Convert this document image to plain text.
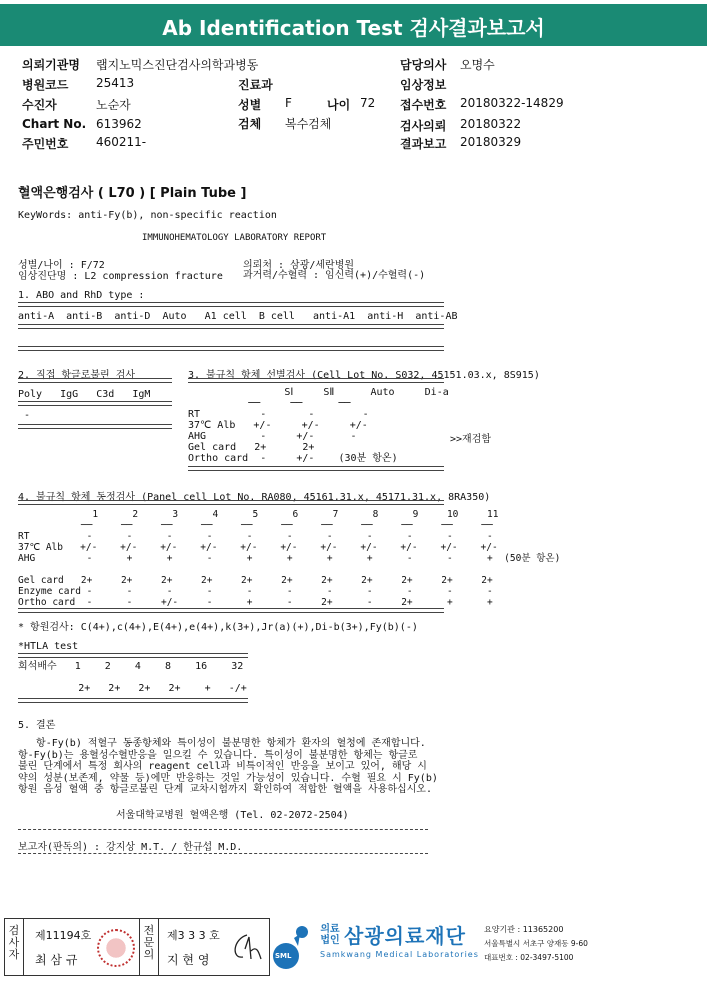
Ab Identification Test 검사결과보고서
의뢰기관명 랩지노믹스진단검사의학과병동	담당의사 오명수
병원코드 25413	진료과	임상정보
수진자	노순자	성별 F	나이 72 접수번호 20180322-14829
Chart No. 613962	검체 복수검체	검사의뢰 20180322
주민번호 460211-	결과보고 20180329
혈액은행검사 ( L70 ) [ Plain Tube ]
KeyWords: anti-Fy(b), non-specific reaction
IMMUNOHEMATOLOGY LABORATORY REPORT
성별/나이 : F/72
임상진단명 : L2 compression fracture
의뢰처 : 삼광/세란병원
과거력/수혈력 : 임신력(+)/수혈력(-)
1. ABO and RhD type :
anti-A  anti-B  anti-D  Auto   A1 cell  B cell   anti-A1  anti-H  anti-AB
2. 직접 항글로불린 검사
Poly   IgG   C3d   IgM
-
3. 불규칙 항체 선별검사 (Cell Lot No. S032, 45151.03.x, 8S915)
SⅠ     SⅡ      Auto     Di-a
──     ──      ──
RT          -       -        -
37℃ Alb   +/-     +/-     +/-
AHG         -     +/-      -
Gel card   2+      2+
Ortho card  -     +/-    (30분 항온)
>>재검함
4. 불규칙 항체 동정검사 (Panel cell Lot No. RA080, 45161.31.x, 45171.31.x, 8RA350)
1      2      3      4      5      6      7      8      9     10     11
──     ──     ──     ──     ──     ──     ──     ──     ──     ──     ──
RT          -      -      -      -      -      -      -      -      -      -      -
37℃ Alb   +/-    +/-    +/-    +/-    +/-    +/-    +/-    +/-    +/-    +/-    +/-
AHG         -      +      +      -      +      +      +      +      -      -      +  (50분 항온)

Gel card   2+     2+     2+     2+     2+     2+     2+     2+     2+     2+     2+
Enzyme card -      -      -      -      -      -      -      -      -      -      -
Ortho card  -      -     +/-     -      +      -     2+      -     2+      +      +
* 항원검사: C(4+),c(4+),E(4+),e(4+),k(3+),Jr(a)(+),Di-b(3+),Fy(b)(-)
*HTLA test
희석배수   1    2    4    8    16    32

2+   2+   2+   2+    +   -/+
5. 결론
항-Fy(b) 적혈구 동종항체와 특이성이 불분명한 항체가 환자의 혈청에 존재합니다.
항-Fy(b)는 용혈성수혈반응을 일으킬 수 있습니다. 특이성이 불분명한 항체는 항글로
불린 단계에서 특정 회사의 reagent cell과 비특이적인 반응을 보이고 있어, 해당 시
약의 성분(보존제, 약물 등)에만 반응하는 것일 가능성이 있습니다. 수혈 필요 시 Fy(b)
항원 음성 혈액 중 항글로불린 단계 교차시험까지 확인하여 적합한 혈액을 사용하십시오.
서울대학교병원 혈액은행 (Tel. 02-2072-2504)
보고자(판독의) : 강지상 M.T. / 한규섭 M.D.
검사자
제11194호
최 삼 규
전문의
제3 3 3 호
지 현 영	SML
의료법인 삼광의료재단
Samkwang Medical Laboratories
요양기관 : 11365200
서울특별시 서초구 양재동 9-60
대표번호 : 02-3497-5100
